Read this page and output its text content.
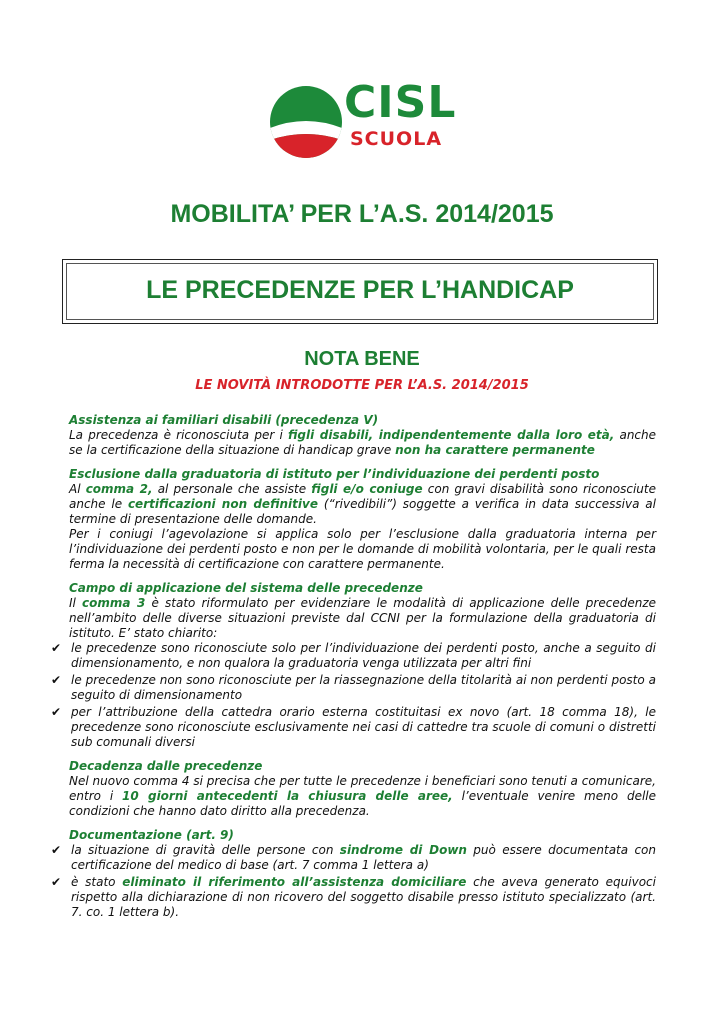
CISL
SCUOLA
MOBILITA’ PER L’A.S. 2014/2015
LE PRECEDENZE PER L’HANDICAP
NOTA BENE
LE NOVITÀ INTRODOTTE PER L’A.S. 2014/2015

Assistenza ai familiari disabili (precedenza V)

La precedenza è riconosciuta per i figli disabili, indipendentemente dalla loro età, anche se la certificazione della situazione di handicap grave non ha carattere permanente

Esclusione dalla graduatoria di istituto per l’individuazione dei perdenti posto

Al comma 2, al personale che assiste figli e/o coniuge con gravi disabilità sono riconosciute anche le certificazioni non definitive (“rivedibili”) soggette a verifica in data successiva al termine di presentazione delle domande.

Per i coniugi l’agevolazione si applica solo per l’esclusione dalla graduatoria interna per l’individuazione dei perdenti posto e non per le domande di mobilità volontaria, per le quali resta ferma la necessità di certificazione con carattere permanente.

Campo di applicazione del sistema delle precedenze

Il comma 3 è stato riformulato per evidenziare le modalità di applicazione delle precedenze nell’ambito delle diverse situazioni previste dal CCNI per la formulazione della graduatoria di istituto. E’ stato chiarito:

✔ le precedenze sono riconosciute solo per l’individuazione dei perdenti posto, anche a seguito di dimensionamento, e non qualora la graduatoria venga utilizzata per altri fini
✔ le precedenze non sono riconosciute per la riassegnazione della titolarità ai non perdenti posto a seguito di dimensionamento
✔ per l’attribuzione della cattedra orario esterna costituitasi ex novo (art. 18 comma 18), le precedenze sono riconosciute esclusivamente nei casi di cattedre tra scuole di comuni o distretti sub comunali diversi

Decadenza dalle precedenze

Nel nuovo comma 4 si precisa che per tutte le precedenze i beneficiari sono tenuti a comunicare, entro i 10 giorni antecedenti la chiusura delle aree, l’eventuale venire meno delle condizioni che hanno dato diritto alla precedenza.

Documentazione (art. 9)

✔ la situazione di gravità delle persone con sindrome di Down può essere documentata con certificazione del medico di base (art. 7 comma 1 lettera a)
✔ è stato eliminato il riferimento all’assistenza domiciliare che aveva generato equivoci rispetto alla dichiarazione di non ricovero del soggetto disabile presso istituto specializzato (art. 7. co. 1 lettera b).
